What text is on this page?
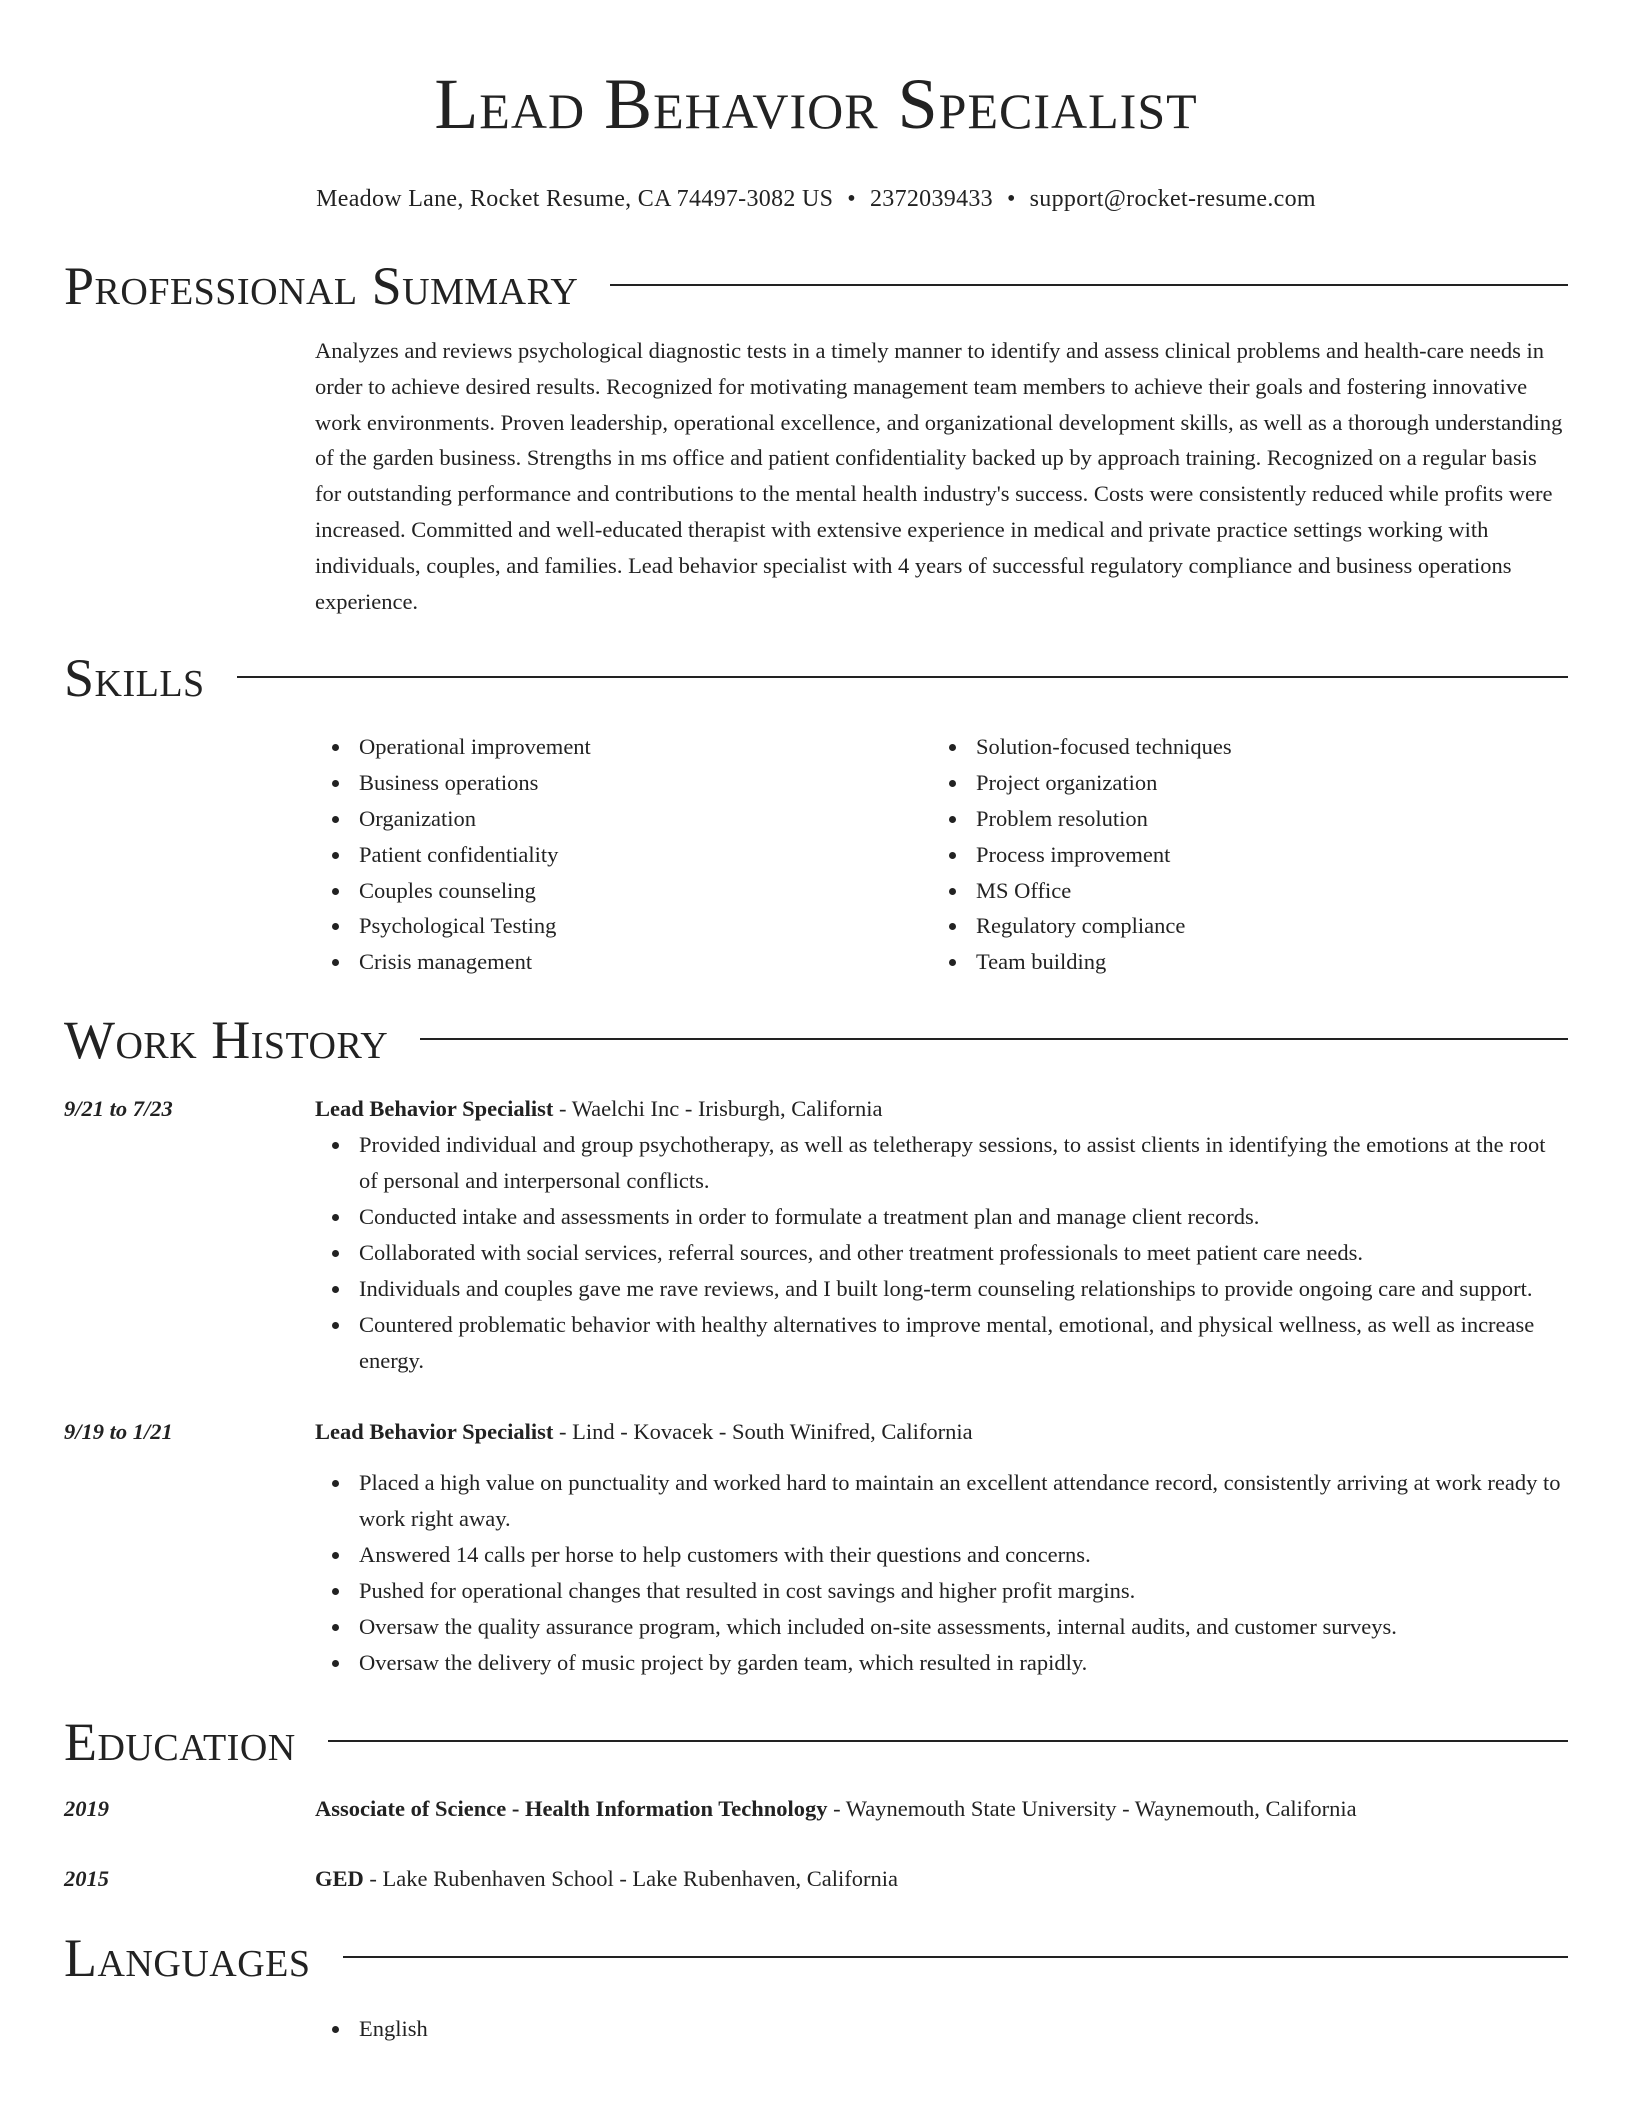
Lead Behavior Specialist
Meadow Lane, Rocket Resume, CA 74497-3082 US • 2372039433 • support@rocket-resume.com
Professional Summary

Analyzes and reviews psychological diagnostic tests in a timely manner to identify and assess clinical problems and health-care needs in order to achieve desired results. Recognized for motivating management team members to achieve their goals and fostering innovative work environments. Proven leadership, operational excellence, and organizational development skills, as well as a thorough understanding of the garden business. Strengths in ms office and patient confidentiality backed up by approach training. Recognized on a regular basis for outstanding performance and contributions to the mental health industry's success. Costs were consistently reduced while profits were increased. Committed and well-educated therapist with extensive experience in medical and private practice settings working with individuals, couples, and families. Lead behavior specialist with 4 years of successful regulatory compliance and business operations experience.

Skills
Operational improvement
Business operations
Organization
Patient confidentiality
Couples counseling
Psychological Testing
Crisis management
Solution-focused techniques
Project organization
Problem resolution
Process improvement
MS Office
Regulatory compliance
Team building
Work History
9/21 to 7/23	Lead Behavior Specialist - Waelchi Inc - Irisburgh, California
Provided individual and group psychotherapy, as well as teletherapy sessions, to assist clients in identifying the emotions at the root of personal and interpersonal conflicts.
Conducted intake and assessments in order to formulate a treatment plan and manage client records.
Collaborated with social services, referral sources, and other treatment professionals to meet patient care needs.
Individuals and couples gave me rave reviews, and I built long-term counseling relationships to provide ongoing care and support.
Countered problematic behavior with healthy alternatives to improve mental, emotional, and physical wellness, as well as increase energy.
9/19 to 1/21	Lead Behavior Specialist - Lind - Kovacek - South Winifred, California
Placed a high value on punctuality and worked hard to maintain an excellent attendance record, consistently arriving at work ready to work right away.
Answered 14 calls per horse to help customers with their questions and concerns.
Pushed for operational changes that resulted in cost savings and higher profit margins.
Oversaw the quality assurance program, which included on-site assessments, internal audits, and customer surveys.
Oversaw the delivery of music project by garden team, which resulted in rapidly.
Education
2019	Associate of Science - Health Information Technology - Waynemouth State University - Waynemouth, California
2015	GED - Lake Rubenhaven School - Lake Rubenhaven, California
Languages
English
